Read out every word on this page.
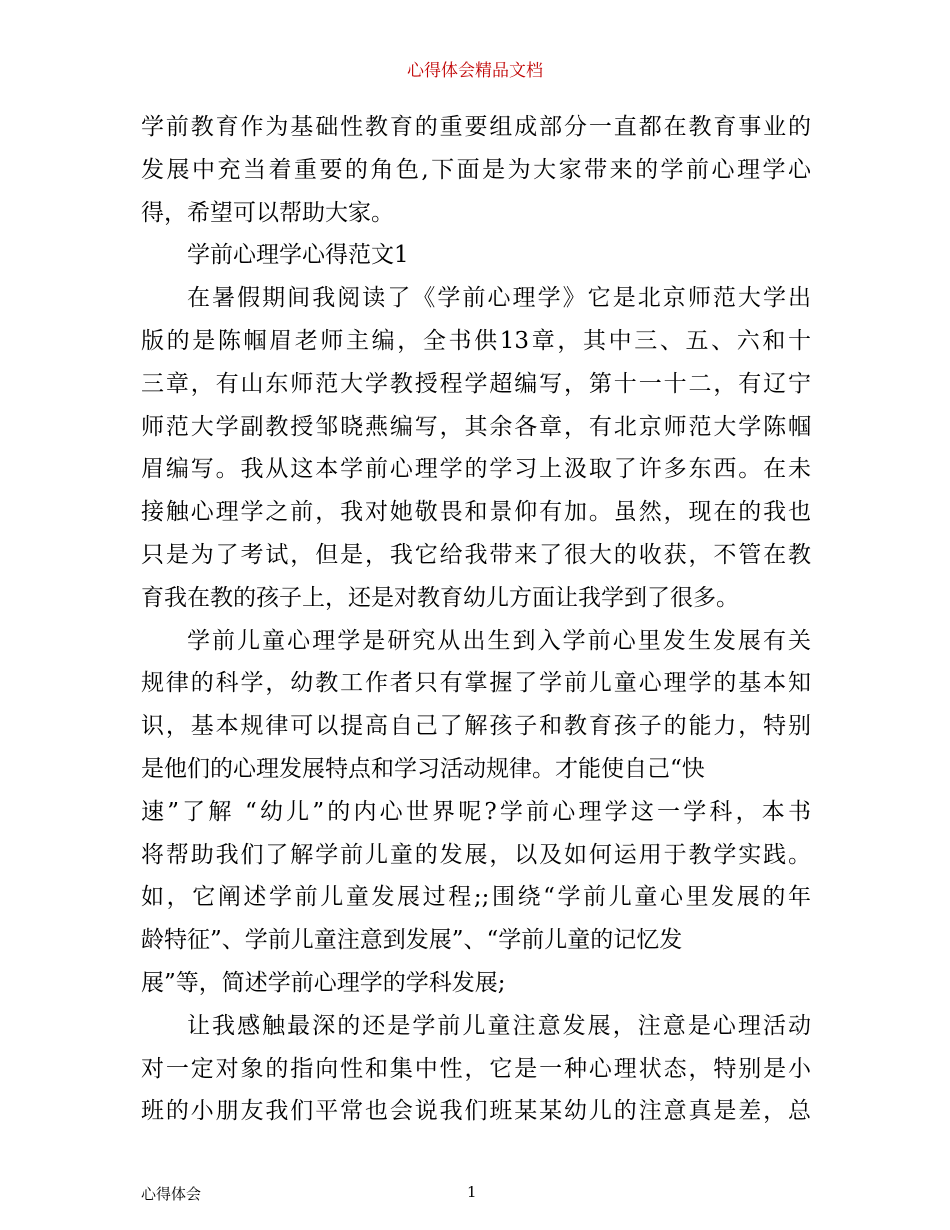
心得体会精品文档
学前教育作为基础性教育的重要组成部分一直都在教育事业的
发展中充当着重要的角色,下面是为大家带来的学前心理学心
得，希望可以帮助大家。
学前心理学心得范文1
在暑假期间我阅读了《学前心理学》它是北京师范大学出
版的是陈帼眉老师主编，全书供13章，其中三、五、六和十
三章，有山东师范大学教授程学超编写，第十一十二，有辽宁
师范大学副教授邹晓燕编写，其余各章，有北京师范大学陈帼
眉编写。我从这本学前心理学的学习上汲取了许多东西。在未
接触心理学之前，我对她敬畏和景仰有加。虽然，现在的我也
只是为了考试，但是，我它给我带来了很大的收获，不管在教
育我在教的孩子上，还是对教育幼儿方面让我学到了很多。
学前儿童心理学是研究从出生到入学前心里发生发展有关
规律的科学，幼教工作者只有掌握了学前儿童心理学的基本知
识，基本规律可以提高自己了解孩子和教育孩子的能力，特别
是他们的心理发展特点和学习活动规律。才能使自己“快
速”了解 “幼儿”的内心世界呢?学前心理学这一学科，本书
将帮助我们了解学前儿童的发展，以及如何运用于教学实践。
如，它阐述学前儿童发展过程;;围绕“学前儿童心里发展的年
龄特征”、学前儿童注意到发展”、“学前儿童的记忆发
展”等，简述学前心理学的学科发展;
让我感触最深的还是学前儿童注意发展，注意是心理活动
对一定对象的指向性和集中性，它是一种心理状态，特别是小
班的小朋友我们平常也会说我们班某某幼儿的注意真是差，总
心得体会	1
